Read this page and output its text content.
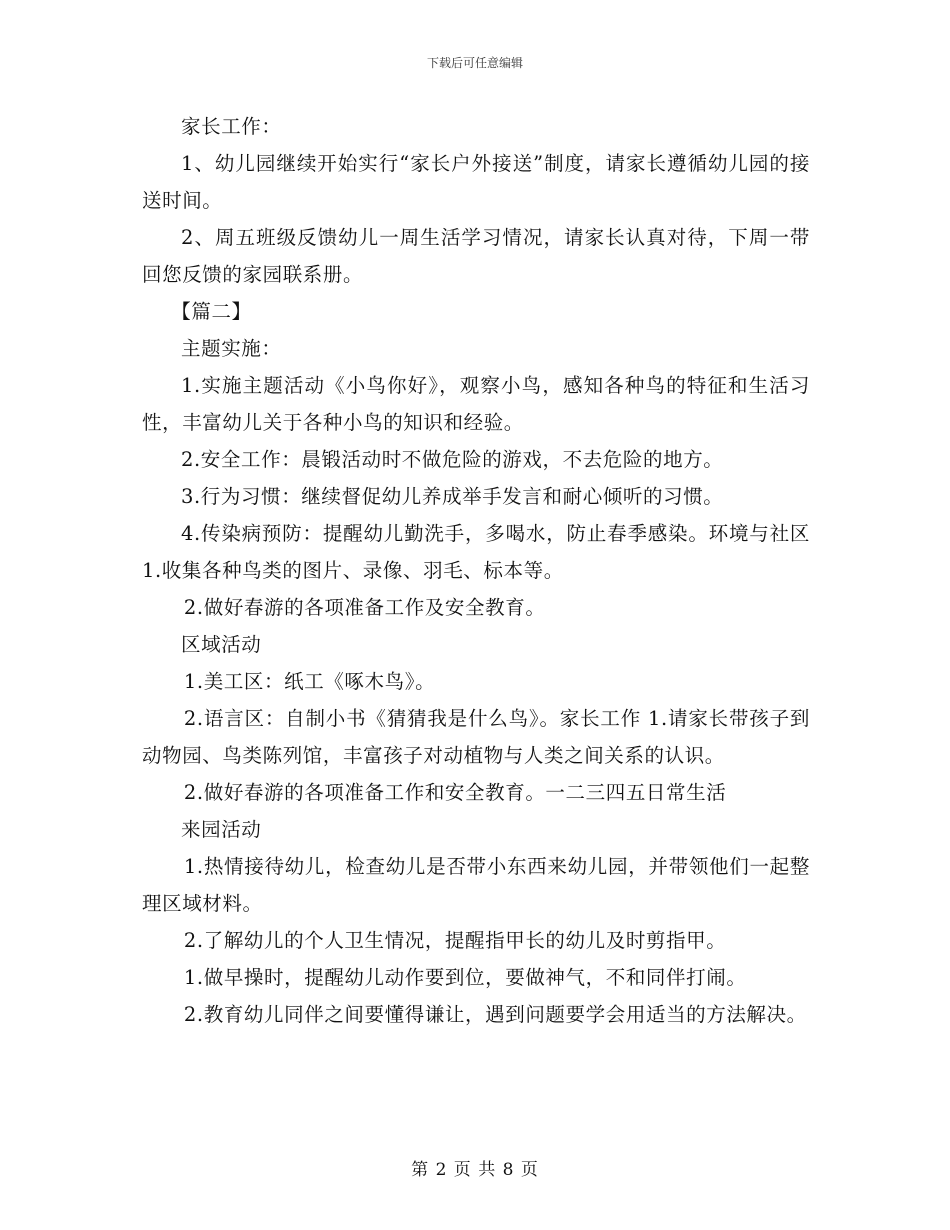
下载后可任意编辑

家长工作：

1、幼儿园继续开始实行“家长户外接送”制度，请家长遵循幼儿园的接送时间。

2、周五班级反馈幼儿一周生活学习情况，请家长认真对待，下周一带回您反馈的家园联系册。

【篇二】

主题实施：

1.实施主题活动《小鸟你好》，观察小鸟，感知各种鸟的特征和生活习性，丰富幼儿关于各种小鸟的知识和经验。

2.安全工作：晨锻活动时不做危险的游戏，不去危险的地方。

3.行为习惯：继续督促幼儿养成举手发言和耐心倾听的习惯。

4.传染病预防：提醒幼儿勤洗手，多喝水，防止春季感染。环境与社区 1.收集各种鸟类的图片、录像、羽毛、标本等。

2.做好春游的各项准备工作及安全教育。

区域活动

1.美工区：纸工《啄木鸟》。

2.语言区：自制小书《猜猜我是什么鸟》。家长工作 1.请家长带孩子到动物园、鸟类陈列馆，丰富孩子对动植物与人类之间关系的认识。

2.做好春游的各项准备工作和安全教育。一二三四五日常生活

来园活动

1.热情接待幼儿，检查幼儿是否带小东西来幼儿园，并带领他们一起整理区域材料。

2.了解幼儿的个人卫生情况，提醒指甲长的幼儿及时剪指甲。

1.做早操时，提醒幼儿动作要到位，要做神气，不和同伴打闹。

2.教育幼儿同伴之间要懂得谦让，遇到问题要学会用适当的方法解决。

第 2 页 共 8 页
